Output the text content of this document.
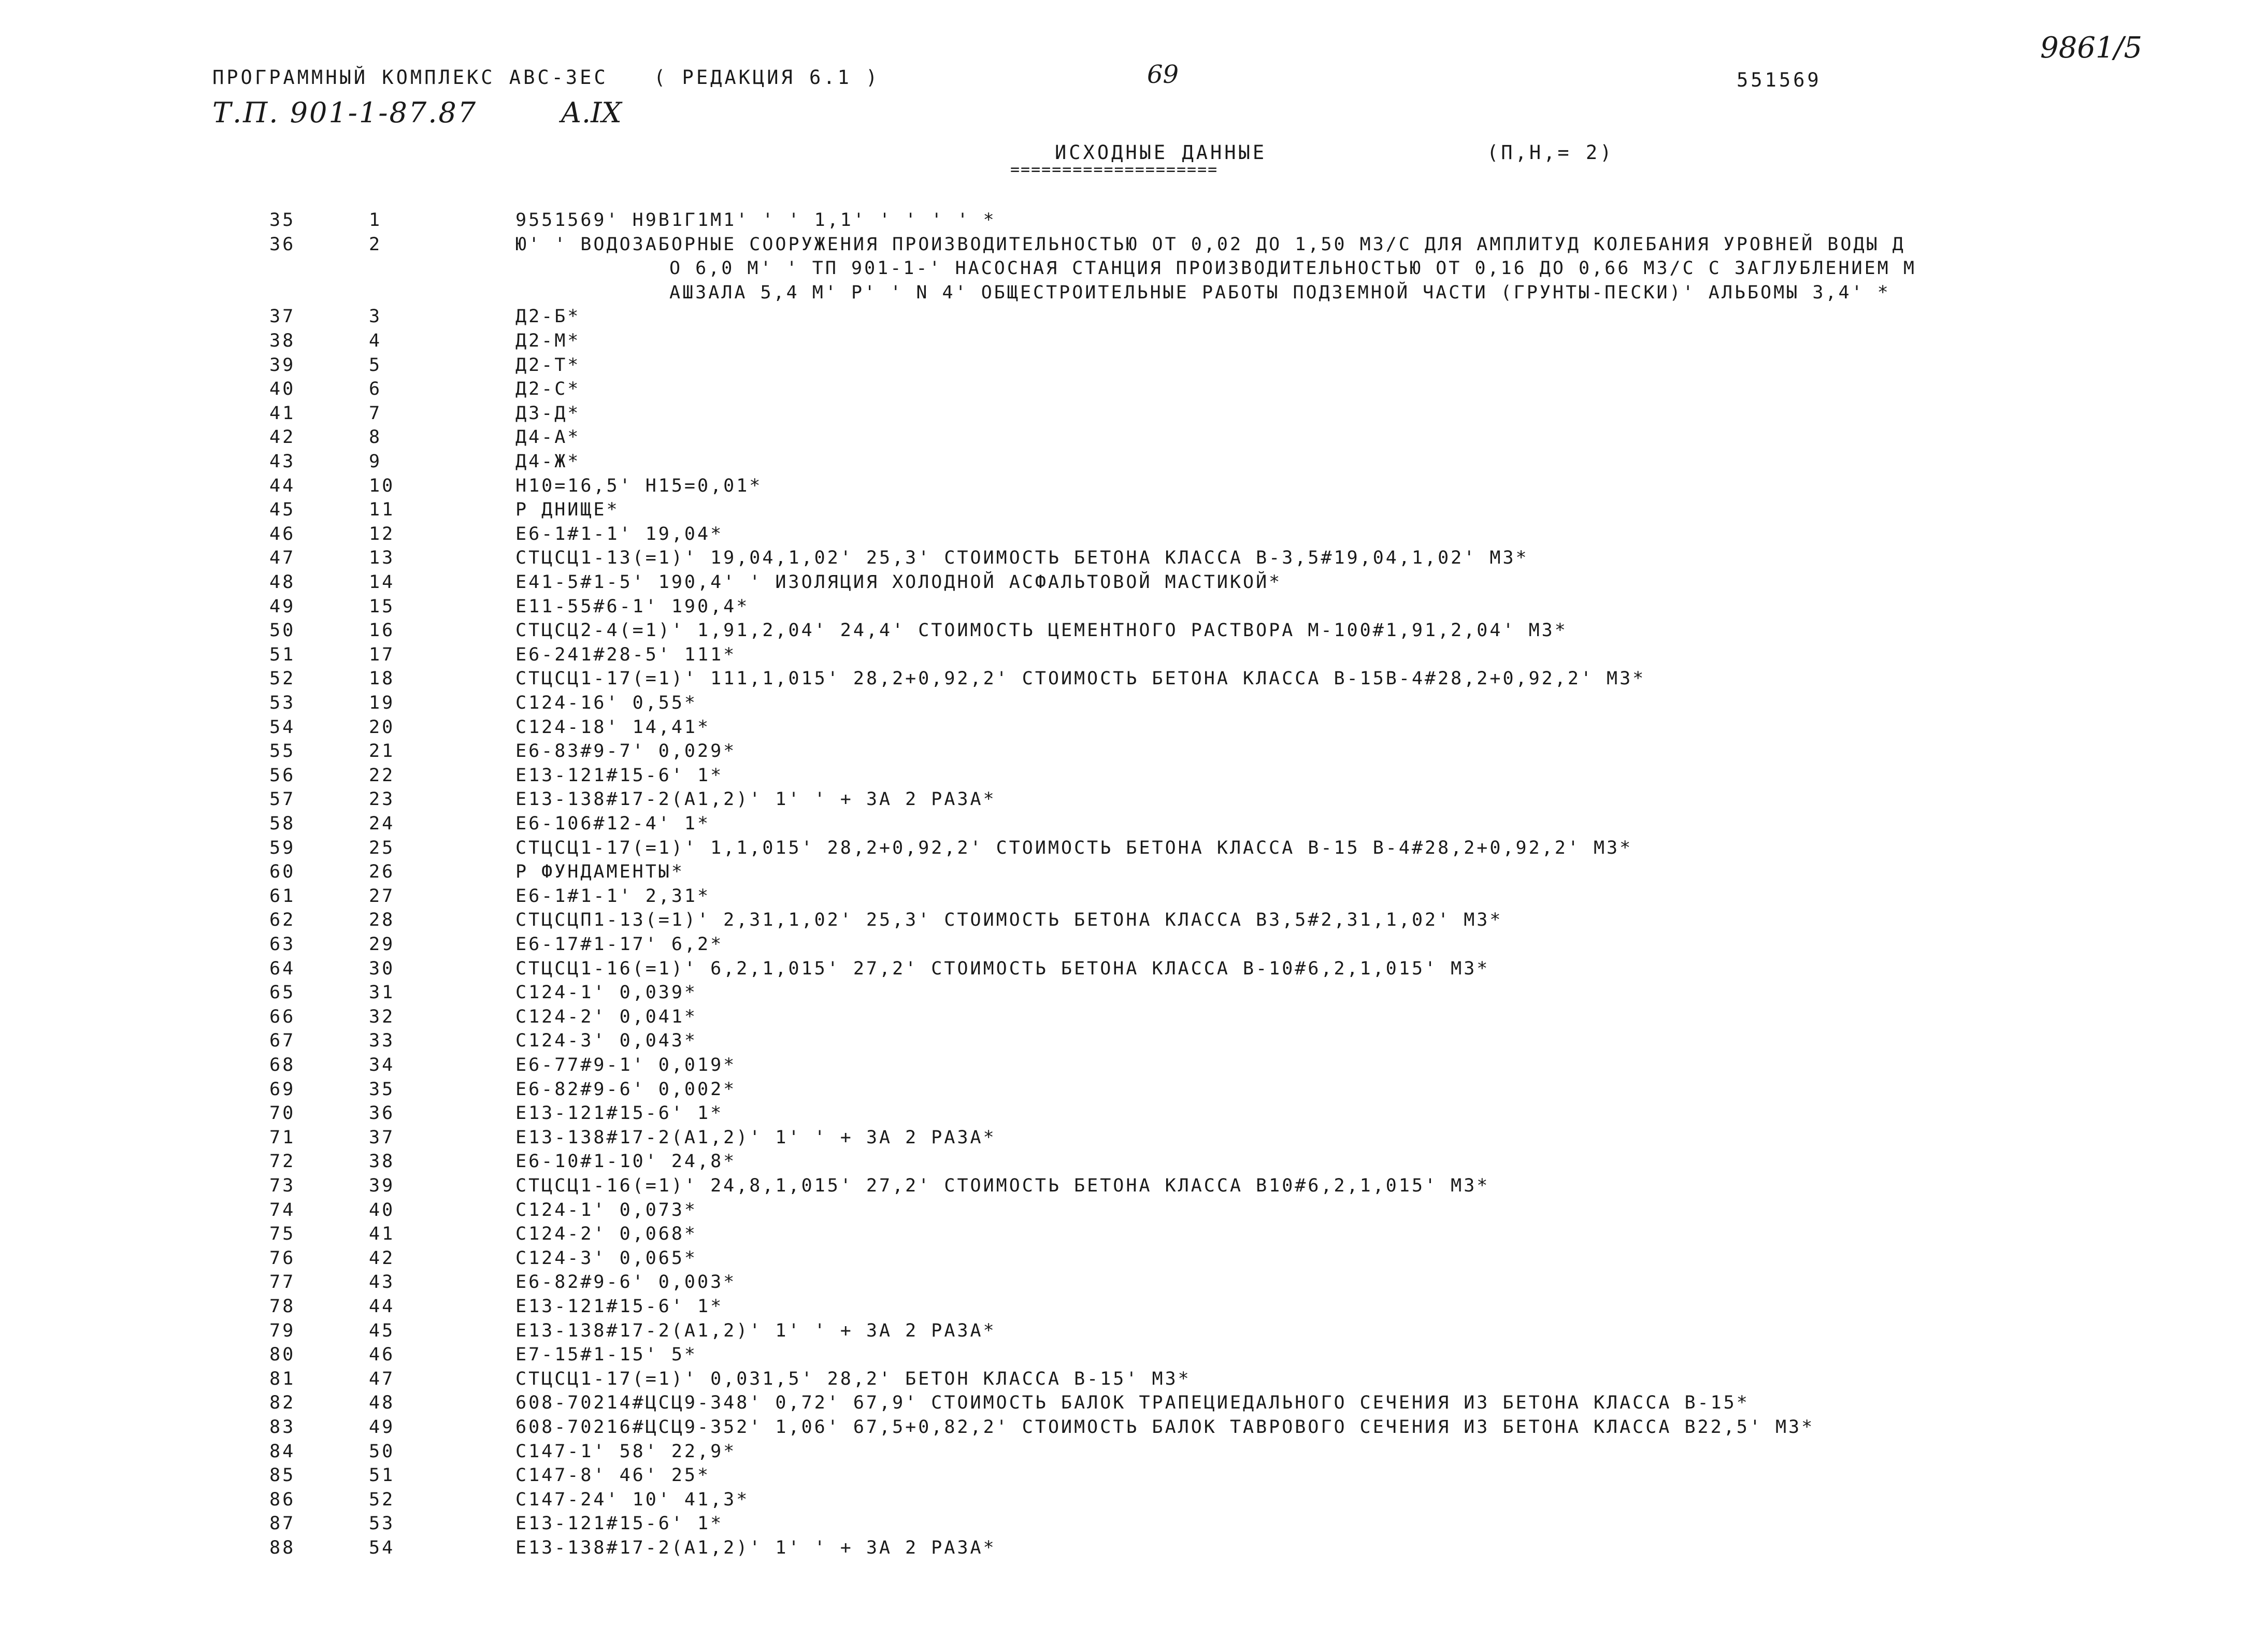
ПРОГРАММНЫЙ КОМПЛЕКС АВС-3ЕС ( РЕДАКЦИЯ 6.1 )	69	551569
9861/5
Т.П. 901-1-87.87	А.IX
ИСХОДНЫЕ ДАННЫЕ
====================
(П,Н,= 2)
35	1	9551569' Н9В1Г1М1' ' ' 1,1' ' ' ' ' *
36	2	Ю' ' ВОДОЗАБОРНЫЕ СООРУЖЕНИЯ ПРОИЗВОДИТЕЛЬНОСТЬЮ ОТ 0,02 ДО 1,50 М3/С ДЛЯ АМПЛИТУД КОЛЕБАНИЯ УРОВНЕЙ ВОДЫ Д
О 6,0 М' ' ТП 901-1-' НАСОСНАЯ СТАНЦИЯ ПРОИЗВОДИТЕЛЬНОСТЬЮ ОТ 0,16 ДО 0,66 М3/С С ЗАГЛУБЛЕНИЕМ М
АШЗАЛА 5,4 М' Р' ' N 4' ОБЩЕСТРОИТЕЛЬНЫЕ РАБОТЫ ПОДЗЕМНОЙ ЧАСТИ (ГРУНТЫ-ПЕСКИ)' АЛЬБОМЫ 3,4' *
37	3	Д2-Б*
38	4	Д2-М*
39	5	Д2-Т*
40	6	Д2-С*
41	7	Д3-Д*
42	8	Д4-А*
43	9	Д4-Ж*
44	10	Н10=16,5' Н15=0,01*
45	11	Р ДНИЩЕ*
46	12	Е6-1#1-1' 19,04*
47	13	СТЦСЦ1-13(=1)' 19,04,1,02' 25,3' СТОИМОСТЬ БЕТОНА КЛАССА В-3,5#19,04,1,02' М3*
48	14	Е41-5#1-5' 190,4' ' ИЗОЛЯЦИЯ ХОЛОДНОЙ АСФАЛЬТОВОЙ МАСТИКОЙ*
49	15	Е11-55#6-1' 190,4*
50	16	СТЦСЦ2-4(=1)' 1,91,2,04' 24,4' СТОИМОСТЬ ЦЕМЕНТНОГО РАСТВОРА М-100#1,91,2,04' М3*
51	17	Е6-241#28-5' 111*
52	18	СТЦСЦ1-17(=1)' 111,1,015' 28,2+0,92,2' СТОИМОСТЬ БЕТОНА КЛАССА В-15В-4#28,2+0,92,2' М3*
53	19	С124-16' 0,55*
54	20	С124-18' 14,41*
55	21	Е6-83#9-7' 0,029*
56	22	Е13-121#15-6' 1*
57	23	Е13-138#17-2(А1,2)' 1' ' + ЗА 2 РАЗА*
58	24	Е6-106#12-4' 1*
59	25	СТЦСЦ1-17(=1)' 1,1,015' 28,2+0,92,2' СТОИМОСТЬ БЕТОНА КЛАССА В-15 В-4#28,2+0,92,2' М3*
60	26	Р ФУНДАМЕНТЫ*
61	27	Е6-1#1-1' 2,31*
62	28	СТЦСЦП1-13(=1)' 2,31,1,02' 25,3' СТОИМОСТЬ БЕТОНА КЛАССА В3,5#2,31,1,02' М3*
63	29	Е6-17#1-17' 6,2*
64	30	СТЦСЦ1-16(=1)' 6,2,1,015' 27,2' СТОИМОСТЬ БЕТОНА КЛАССА В-10#6,2,1,015' М3*
65	31	С124-1' 0,039*
66	32	С124-2' 0,041*
67	33	С124-3' 0,043*
68	34	Е6-77#9-1' 0,019*
69	35	Е6-82#9-6' 0,002*
70	36	Е13-121#15-6' 1*
71	37	Е13-138#17-2(А1,2)' 1' ' + ЗА 2 РАЗА*
72	38	Е6-10#1-10' 24,8*
73	39	СТЦСЦ1-16(=1)' 24,8,1,015' 27,2' СТОИМОСТЬ БЕТОНА КЛАССА В10#6,2,1,015' М3*
74	40	С124-1' 0,073*
75	41	С124-2' 0,068*
76	42	С124-3' 0,065*
77	43	Е6-82#9-6' 0,003*
78	44	Е13-121#15-6' 1*
79	45	Е13-138#17-2(А1,2)' 1' ' + ЗА 2 РАЗА*
80	46	Е7-15#1-15' 5*
81	47	СТЦСЦ1-17(=1)' 0,031,5' 28,2' БЕТОН КЛАССА В-15' М3*
82	48	608-70214#ЦСЦ9-348' 0,72' 67,9' СТОИМОСТЬ БАЛОК ТРАПЕЦИЕДАЛЬНОГО СЕЧЕНИЯ ИЗ БЕТОНА КЛАССА В-15*
83	49	608-70216#ЦСЦ9-352' 1,06' 67,5+0,82,2' СТОИМОСТЬ БАЛОК ТАВРОВОГО СЕЧЕНИЯ ИЗ БЕТОНА КЛАССА В22,5' М3*
84	50	С147-1' 58' 22,9*
85	51	С147-8' 46' 25*
86	52	С147-24' 10' 41,3*
87	53	Е13-121#15-6' 1*
88	54	Е13-138#17-2(А1,2)' 1' ' + ЗА 2 РАЗА*
